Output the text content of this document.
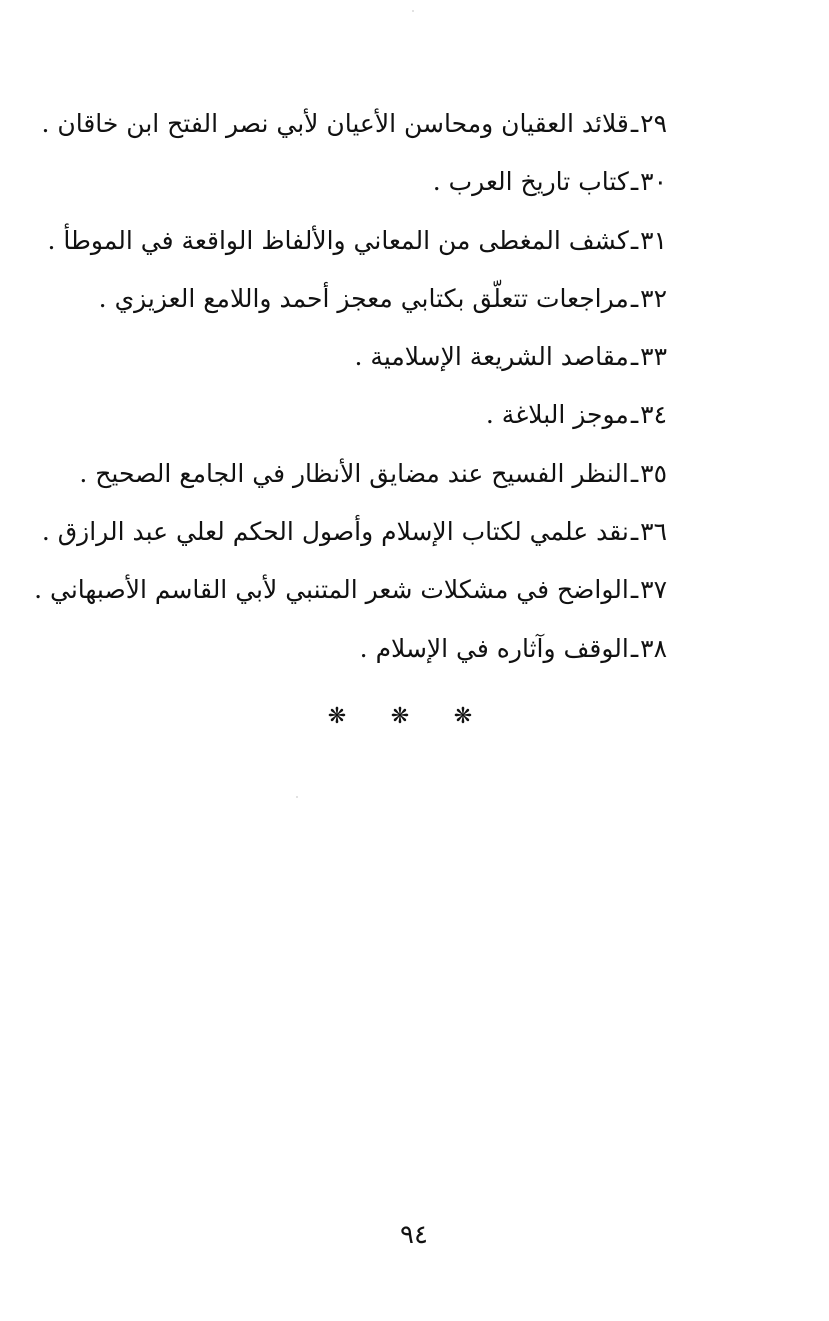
٢٩ـقلائد العقيان ومحاسن الأعيان لأبي نصر الفتح ابن خاقان .
٣٠ـكتاب تاريخ العرب .
٣١ـكشف المغطى من المعاني والألفاظ الواقعة في الموطأ .
٣٢ـمراجعات تتعلّق بكتابي معجز أحمد واللامع العزيزي .
٣٣ـمقاصد الشريعة الإسلامية .
٣٤ـموجز البلاغة .
٣٥ـالنظر الفسيح عند مضايق الأنظار في الجامع الصحيح .
٣٦ـنقد علمي لكتاب الإسلام وأصول الحكم لعلي عبد الرازق .
٣٧ـالواضح في مشكلات شعر المتنبي لأبي القاسم الأصبهاني .
٣٨ـالوقف وآثاره في الإسلام .
❋	❋	❋
٩٤
